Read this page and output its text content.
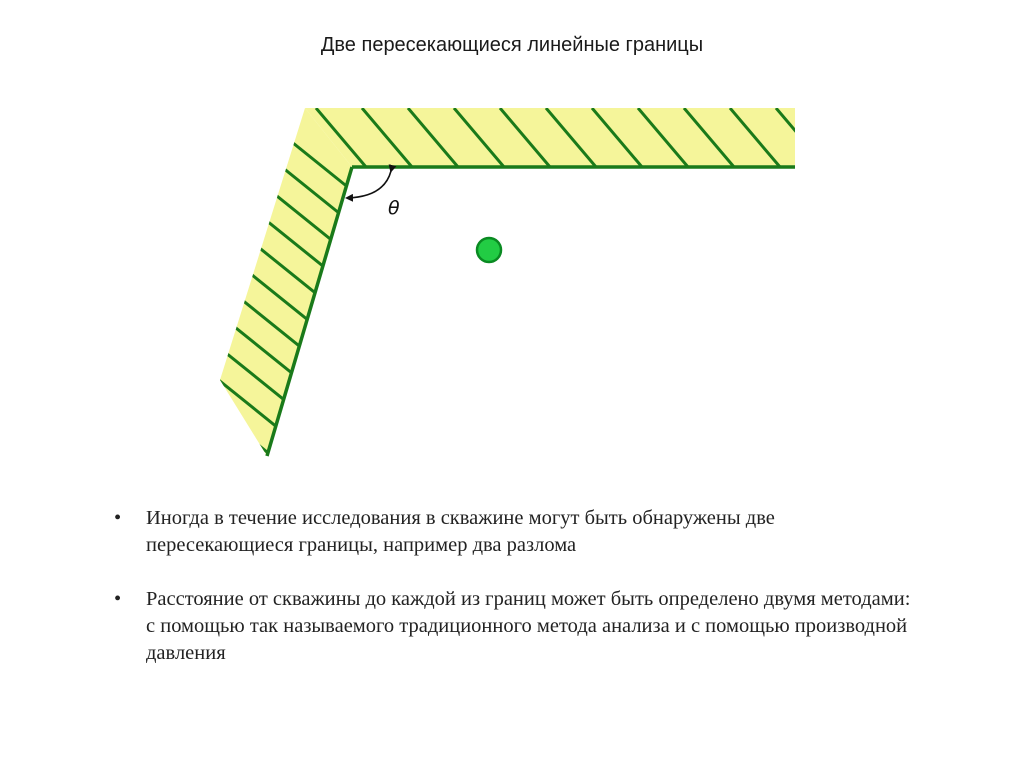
Две пересекающиеся линейные границы
θ
• Иногда в течение исследования в скважине могут быть обнаружены две пересекающиеся границы, например два разлома
• Расстояние от скважины до каждой из границ может быть определено двумя методами: с помощью так называемого традиционного метода анализа и с помощью производной давления
